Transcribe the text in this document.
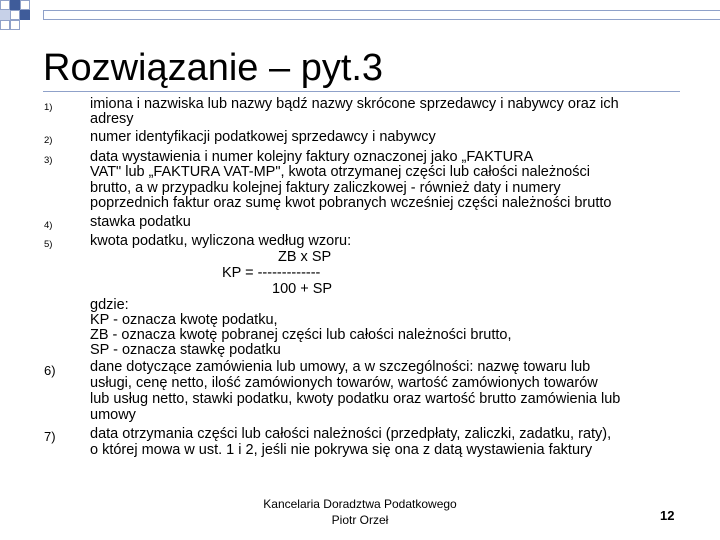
Rozwiązanie – pyt.3
1)	imiona i nazwiska lub nazwy bądź nazwy skrócone sprzedawcy i nabywcy oraz ich
adresy
2)	numer identyfikacji podatkowej sprzedawcy i nabywcy
3)	data wystawienia i numer kolejny faktury oznaczonej jako „FAKTURA
VAT" lub „FAKTURA VAT-MP", kwota otrzymanej części lub całości należności
brutto, a w przypadku kolejnej faktury zaliczkowej - również daty i numery
poprzednich faktur oraz sumę kwot pobranych wcześniej części należności brutto
4)	stawka podatku
5)	kwota podatku, wyliczona według wzoru:
ZB x SP
KP = -------------
100 + SP
gdzie:
KP - oznacza kwotę podatku,
ZB - oznacza kwotę pobranej części lub całości należności brutto,
SP - oznacza stawkę podatku
6)	dane dotyczące zamówienia lub umowy, a w szczególności: nazwę towaru lub
usługi, cenę netto, ilość zamówionych towarów, wartość zamówionych towarów
lub usług netto, stawki podatku, kwoty podatku oraz wartość brutto zamówienia lub
umowy
7)	data otrzymania części lub całości należności (przedpłaty, zaliczki, zadatku, raty),
o której mowa w ust. 1 i 2, jeśli nie pokrywa się ona z datą wystawienia faktury
Kancelaria Doradztwa Podatkowego
Piotr Orzeł	12
